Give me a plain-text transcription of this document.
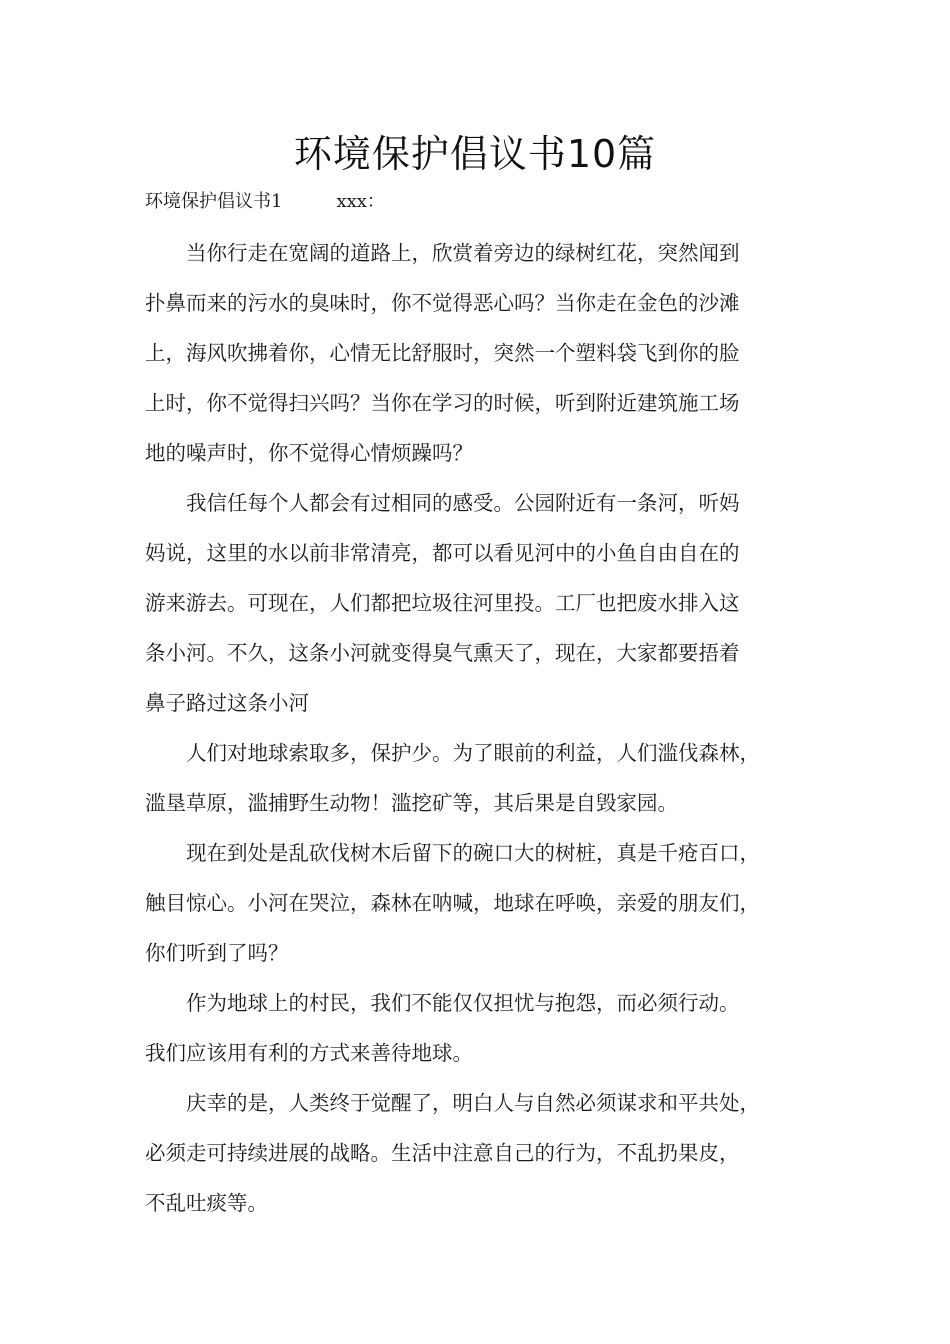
环境保护倡议书10篇
环境保护倡议书1	xxx：
当你行走在宽阔的道路上，欣赏着旁边的绿树红花，突然闻到
扑鼻而来的污水的臭味时，你不觉得恶心吗？当你走在金色的沙滩
上，海风吹拂着你，心情无比舒服时，突然一个塑料袋飞到你的脸
上时，你不觉得扫兴吗？当你在学习的时候，听到附近建筑施工场
地的噪声时，你不觉得心情烦躁吗？
我信任每个人都会有过相同的感受。公园附近有一条河，听妈
妈说，这里的水以前非常清亮，都可以看见河中的小鱼自由自在的
游来游去。可现在，人们都把垃圾往河里投。工厂也把废水排入这
条小河。不久，这条小河就变得臭气熏天了，现在，大家都要捂着
鼻子路过这条小河
人们对地球索取多，保护少。为了眼前的利益，人们滥伐森林，
滥垦草原，滥捕野生动物！滥挖矿等，其后果是自毁家园。
现在到处是乱砍伐树木后留下的碗口大的树桩，真是千疮百口，
触目惊心。小河在哭泣，森林在呐喊，地球在呼唤，亲爱的朋友们，
你们听到了吗？
作为地球上的村民，我们不能仅仅担忧与抱怨，而必须行动。
我们应该用有利的方式来善待地球。
庆幸的是，人类终于觉醒了，明白人与自然必须谋求和平共处，
必须走可持续进展的战略。生活中注意自己的行为，不乱扔果皮，
不乱吐痰等。
